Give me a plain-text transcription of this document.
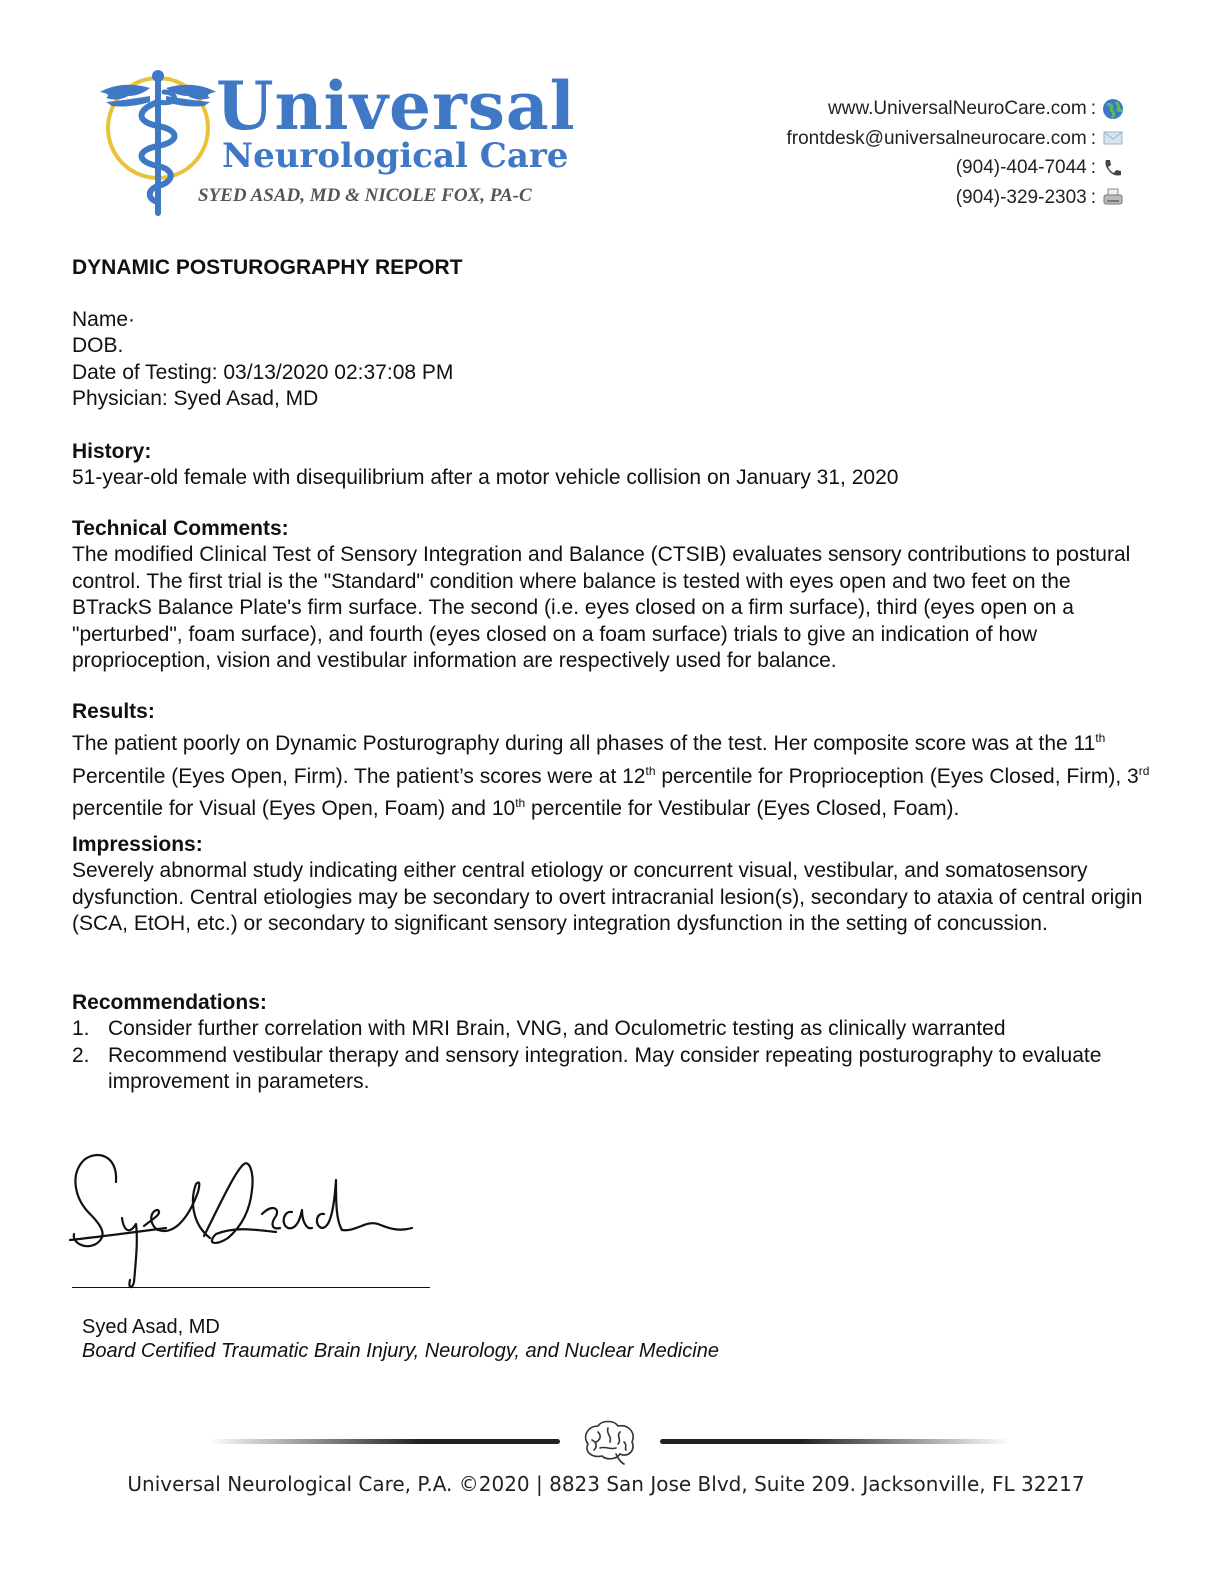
Universal
Neurological Care
SYED ASAD, MD & NICOLE FOX, PA-C
www.UniversalNeuroCare.com :
frontdesk@universalneurocare.com :
(904)-404-7044 :
(904)-329-2303 :
DYNAMIC POSTUROGRAPHY REPORT

Name·

DOB.

Date of Testing: 03/13/2020 02:37:08 PM

Physician: Syed Asad, MD

History:

51-year-old female with disequilibrium after a motor vehicle collision on January 31, 2020

Technical Comments:

The modified Clinical Test of Sensory Integration and Balance (CTSIB) evaluates sensory contributions to postural control. The first trial is the "Standard" condition where balance is tested with eyes open and two feet on the BTrackS Balance Plate's firm surface. The second (i.e. eyes closed on a firm surface), third (eyes open on a "perturbed", foam surface), and fourth (eyes closed on a foam surface) trials to give an indication of how proprioception, vision and vestibular information are respectively used for balance.

Results:

The patient poorly on Dynamic Posturography during all phases of the test. Her composite score was at the 11th Percentile (Eyes Open, Firm). The patient’s scores were at 12th percentile for Proprioception (Eyes Closed, Firm), 3rd percentile for Visual (Eyes Open, Foam) and 10th percentile for Vestibular (Eyes Closed, Foam).

Impressions:

Severely abnormal study indicating either central etiology or concurrent visual, vestibular, and somatosensory dysfunction. Central etiologies may be secondary to overt intracranial lesion(s), secondary to ataxia of central origin (SCA, EtOH, etc.) or secondary to significant sensory integration dysfunction in the setting of concussion.

Recommendations:

1. Consider further correlation with MRI Brain, VNG, and Oculometric testing as clinically warranted
2. Recommend vestibular therapy and sensory integration. May consider repeating posturography to evaluate improvement in parameters.
Syed Asad, MD
Board Certified Traumatic Brain Injury, Neurology, and Nuclear Medicine
Universal Neurological Care, P.A. ©2020 | 8823 San Jose Blvd, Suite 209. Jacksonville, FL 32217
